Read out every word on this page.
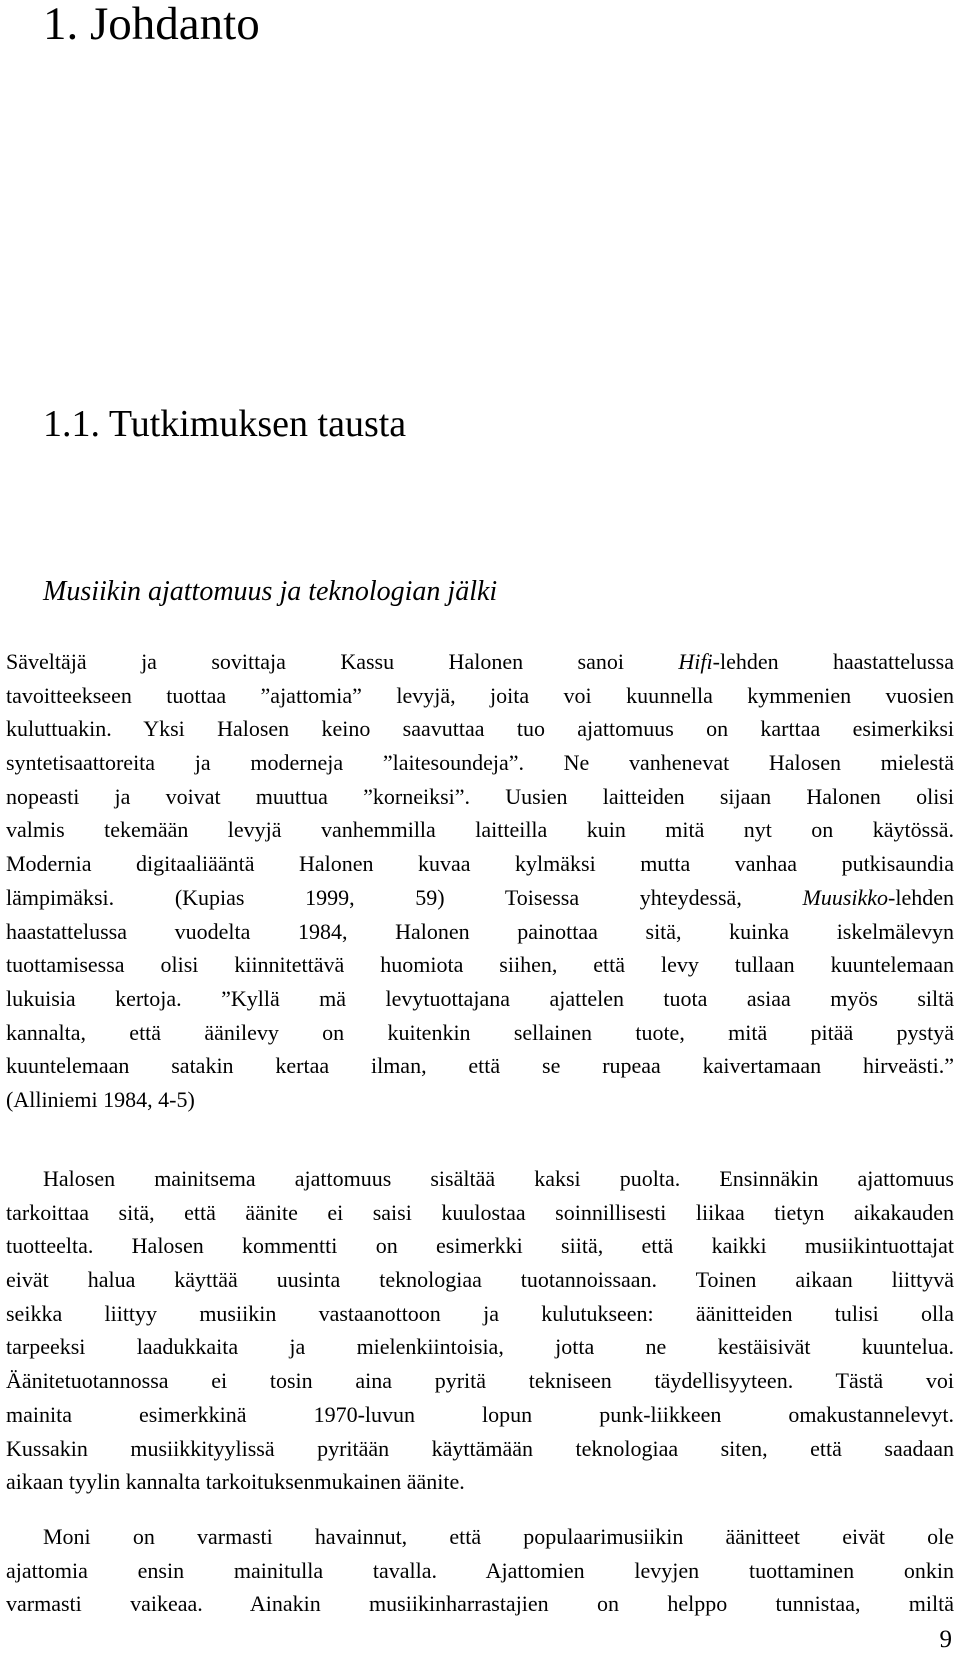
1. Johdanto
1.1. Tutkimuksen tausta
Musiikin ajattomuus ja teknologian jälki

Säveltäjä ja sovittaja Kassu Halonen sanoi Hifi-lehden haastattelussa
tavoitteekseen tuottaa ”ajattomia” levyjä, joita voi kuunnella kymmenien vuosien
kuluttuakin. Yksi Halosen keino saavuttaa tuo ajattomuus on karttaa esimerkiksi
syntetisaattoreita ja moderneja ”laitesoundeja”. Ne vanhenevat Halosen mielestä
nopeasti ja voivat muuttua ”korneiksi”. Uusien laitteiden sijaan Halonen olisi
valmis tekemään levyjä vanhemmilla laitteilla kuin mitä nyt on käytössä.
Modernia digitaaliääntä Halonen kuvaa kylmäksi mutta vanhaa putkisaundia
lämpimäksi. (Kupias 1999, 59) Toisessa yhteydessä, Muusikko-lehden
haastattelussa vuodelta 1984, Halonen painottaa sitä, kuinka iskelmälevyn
tuottamisessa olisi kiinnitettävä huomiota siihen, että levy tullaan kuuntelemaan
lukuisia kertoja. ”Kyllä mä levytuottajana ajattelen tuota asiaa myös siltä
kannalta, että äänilevy on kuitenkin sellainen tuote, mitä pitää pystyä
kuuntelemaan satakin kertaa ilman, että se rupeaa kaivertamaan hirveästi.”
(Alliniemi 1984, 4-5)

Halosen mainitsema ajattomuus sisältää kaksi puolta. Ensinnäkin ajattomuus
tarkoittaa sitä, että äänite ei saisi kuulostaa soinnillisesti liikaa tietyn aikakauden
tuotteelta. Halosen kommentti on esimerkki siitä, että kaikki musiikintuottajat
eivät halua käyttää uusinta teknologiaa tuotannoissaan. Toinen aikaan liittyvä
seikka liittyy musiikin vastaanottoon ja kulutukseen: äänitteiden tulisi olla
tarpeeksi laadukkaita ja mielenkiintoisia, jotta ne kestäisivät kuuntelua.
Äänitetuotannossa ei tosin aina pyritä tekniseen täydellisyyteen. Tästä voi
mainita esimerkkinä 1970-luvun lopun punk-liikkeen omakustannelevyt.
Kussakin musiikkityylissä pyritään käyttämään teknologiaa siten, että saadaan
aikaan tyylin kannalta tarkoituksenmukainen äänite.

Moni on varmasti havainnut, että populaarimusiikin äänitteet eivät ole
ajattomia ensin mainitulla tavalla. Ajattomien levyjen tuottaminen onkin
varmasti vaikeaa. Ainakin musiikinharrastajien on helppo tunnistaa, miltä

9
